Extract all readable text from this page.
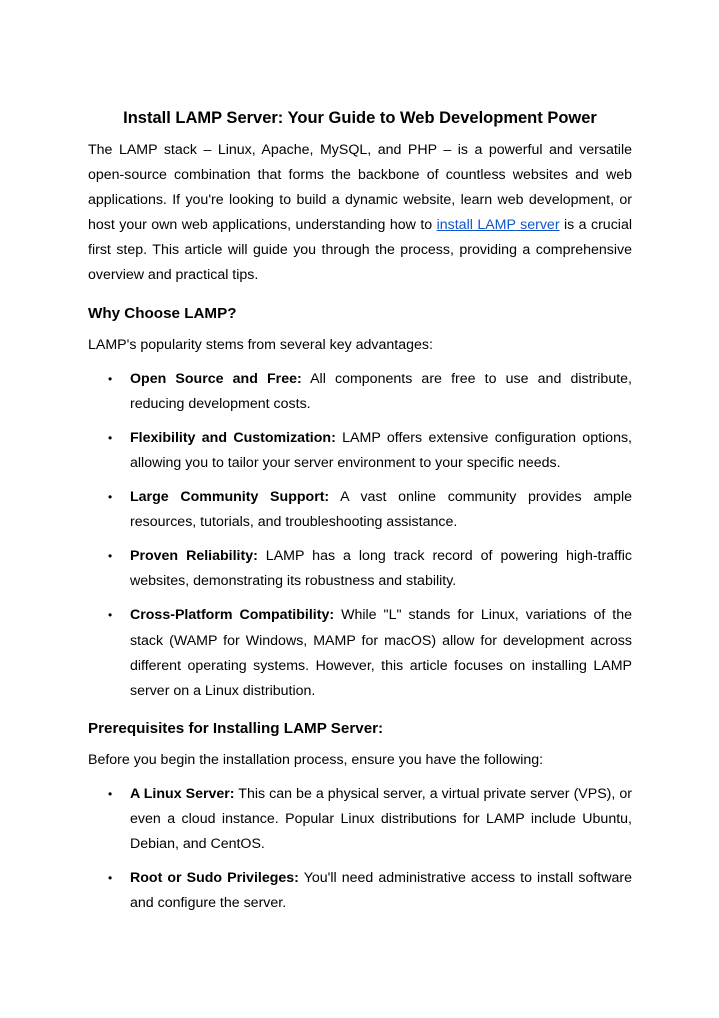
Install LAMP Server: Your Guide to Web Development Power

The LAMP stack – Linux, Apache, MySQL, and PHP – is a powerful and versatile open-source combination that forms the backbone of countless websites and web applications. If you're looking to build a dynamic website, learn web development, or host your own web applications, understanding how to install LAMP server is a crucial first step. This article will guide you through the process, providing a comprehensive overview and practical tips.

Why Choose LAMP?

LAMP's popularity stems from several key advantages:

• Open Source and Free: All components are free to use and distribute, reducing development costs.
• Flexibility and Customization: LAMP offers extensive configuration options, allowing you to tailor your server environment to your specific needs.
• Large Community Support: A vast online community provides ample resources, tutorials, and troubleshooting assistance.
• Proven Reliability: LAMP has a long track record of powering high-traffic websites, demonstrating its robustness and stability.
• Cross-Platform Compatibility: While "L" stands for Linux, variations of the stack (WAMP for Windows, MAMP for macOS) allow for development across different operating systems. However, this article focuses on installing LAMP server on a Linux distribution.
Prerequisites for Installing LAMP Server:

Before you begin the installation process, ensure you have the following:

• A Linux Server: This can be a physical server, a virtual private server (VPS), or even a cloud instance. Popular Linux distributions for LAMP include Ubuntu, Debian, and CentOS.
• Root or Sudo Privileges: You'll need administrative access to install software and configure the server.
